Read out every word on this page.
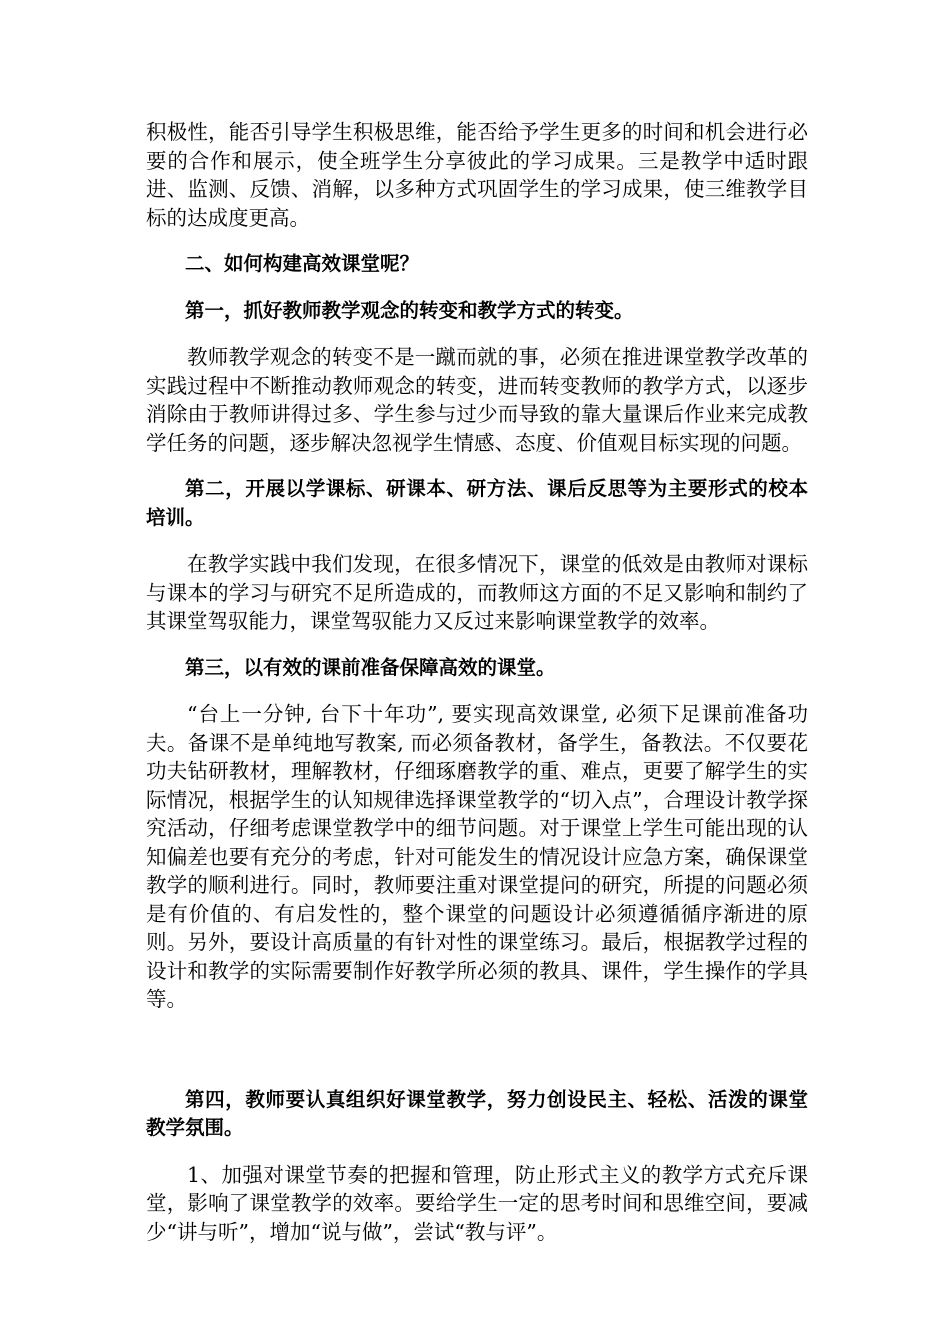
积极性，能否引导学生积极思维，能否给予学生更多的时间和机会进行必要的合作和展示，使全班学生分享彼此的学习成果。三是教学中适时跟进、监测、反馈、消解，以多种方式巩固学生的学习成果，使三维教学目标的达成度更高。

二、如何构建高效课堂呢？

第一，抓好教师教学观念的转变和教学方式的转变。

教师教学观念的转变不是一蹴而就的事，必须在推进课堂教学改革的实践过程中不断推动教师观念的转变，进而转变教师的教学方式，以逐步消除由于教师讲得过多、学生参与过少而导致的靠大量课后作业来完成教学任务的问题，逐步解决忽视学生情感、态度、价值观目标实现的问题。

第二，开展以学课标、研课本、研方法、课后反思等为主要形式的校本培训。

在教学实践中我们发现，在很多情况下，课堂的低效是由教师对课标与课本的学习与研究不足所造成的，而教师这方面的不足又影响和制约了其课堂驾驭能力，课堂驾驭能力又反过来影响课堂教学的效率。

第三，以有效的课前准备保障高效的课堂。

“台上一分钟, 台下十年功”, 要实现高效课堂, 必须下足课前准备功夫。备课不是单纯地写教案, 而必须备教材，备学生，备教法。不仅要花功夫钻研教材，理解教材，仔细琢磨教学的重、难点，更要了解学生的实际情况，根据学生的认知规律选择课堂教学的“切入点”，合理设计教学探究活动，仔细考虑课堂教学中的细节问题。对于课堂上学生可能出现的认知偏差也要有充分的考虑，针对可能发生的情况设计应急方案，确保课堂教学的顺利进行。同时，教师要注重对课堂提问的研究，所提的问题必须是有价值的、有启发性的，整个课堂的问题设计必须遵循循序渐进的原则。另外，要设计高质量的有针对性的课堂练习。最后，根据教学过程的设计和教学的实际需要制作好教学所必须的教具、课件，学生操作的学具等。

第四，教师要认真组织好课堂教学，努力创设民主、轻松、活泼的课堂教学氛围。

1、加强对课堂节奏的把握和管理，防止形式主义的教学方式充斥课堂，影响了课堂教学的效率。要给学生一定的思考时间和思维空间，要减少“讲与听”，增加“说与做”，尝试“教与评”。
